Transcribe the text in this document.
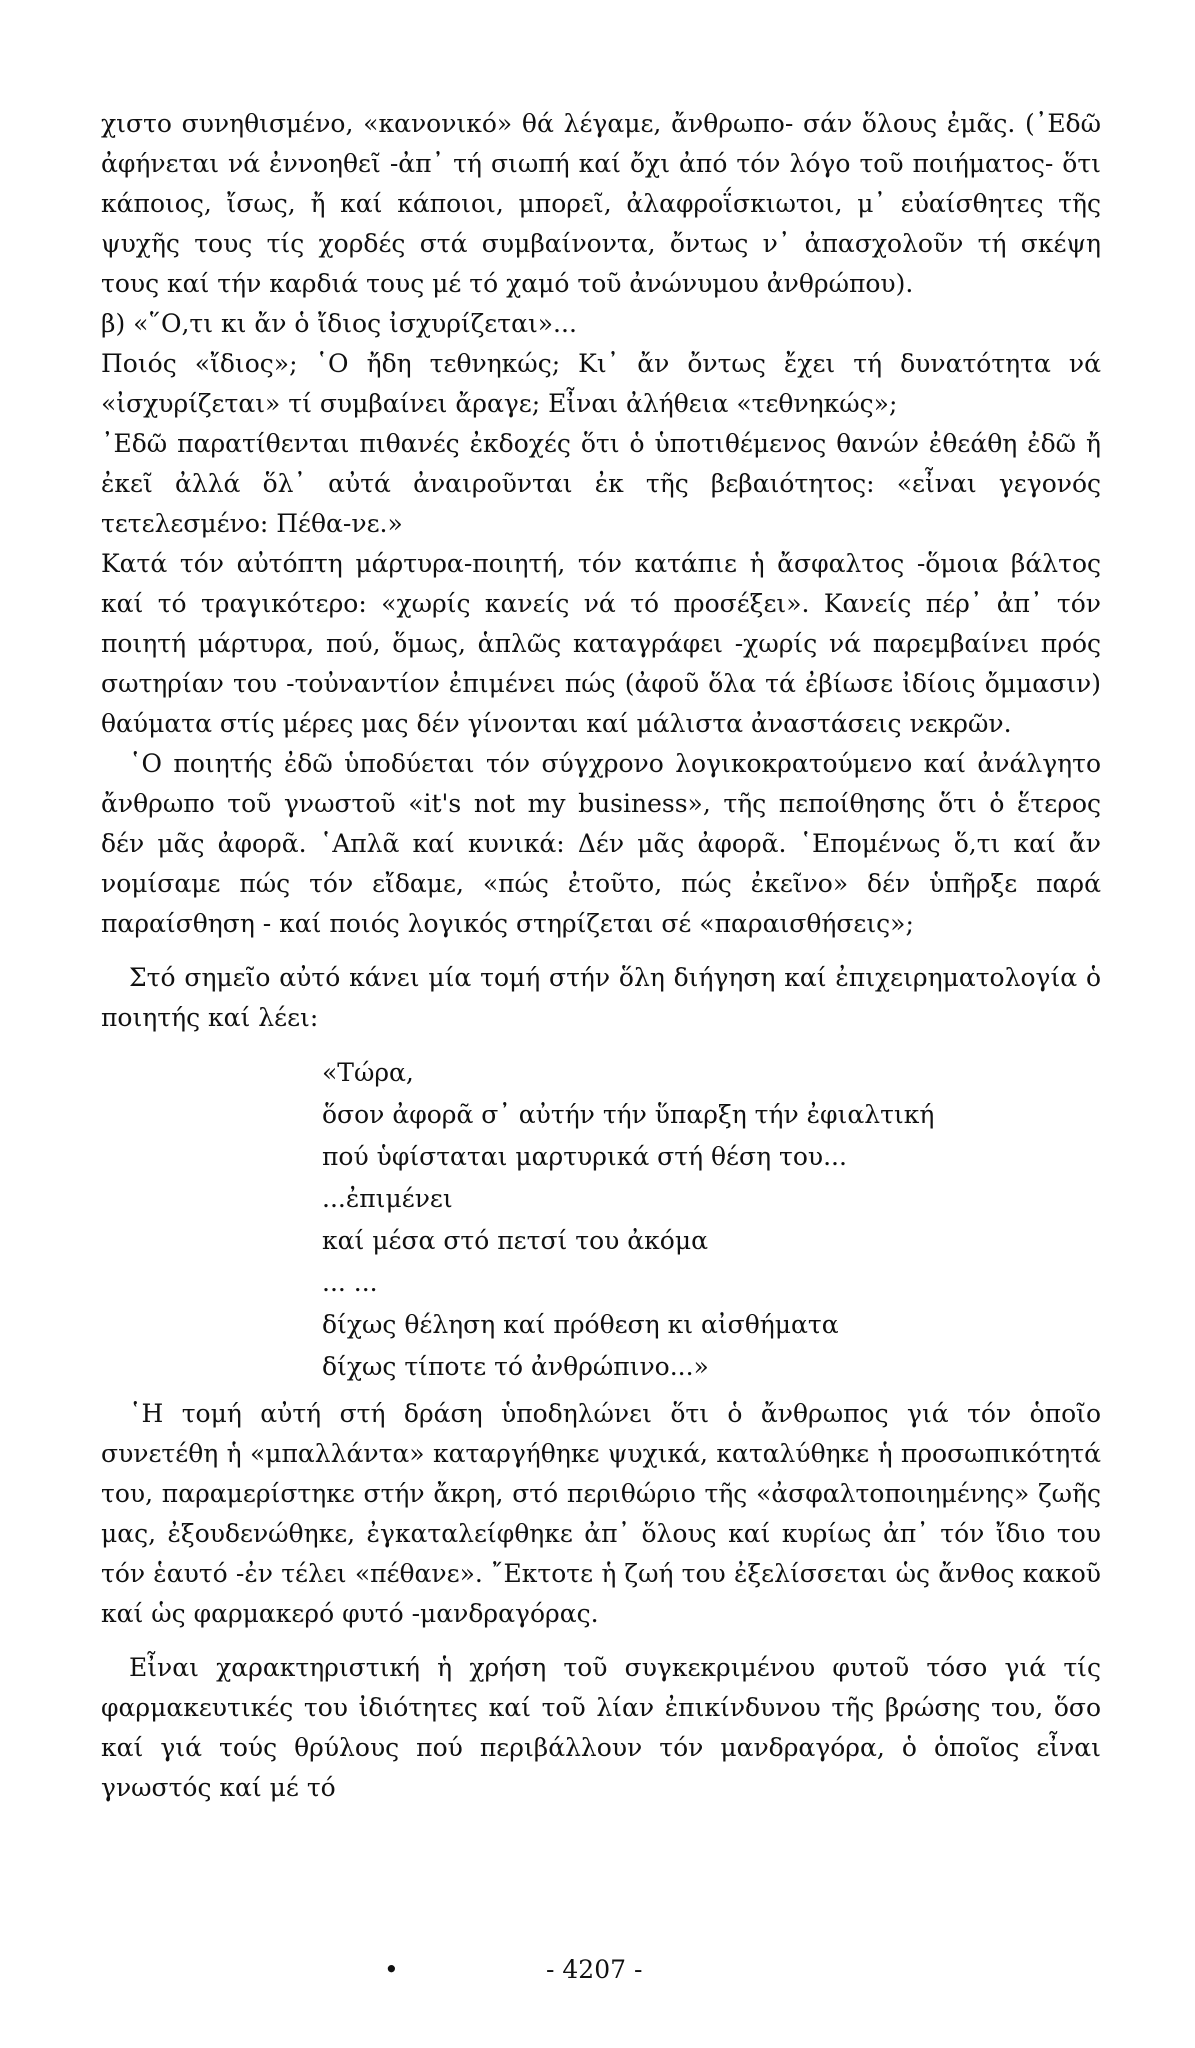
χιστο συνηθισμένο, «κανονικό» θά λέγαμε, ἄνθρωπο- σάν ὅλους ἐμᾶς. (᾽Εδῶ ἀφήνεται νά ἐννοηθεῖ -ἀπ᾽ τή σιωπή καί ὄχι ἀπό τόν λόγο τοῦ ποιήματος- ὅτι κάποιος, ἴσως, ἤ καί κάποιοι, μπορεῖ, ἀλαφροΐσκιωτοι, μ᾽ εὐαίσθητες τῆς ψυχῆς τους τίς χορδές στά συμβαίνοντα, ὄντως ν᾽ ἀπασχολοῦν τή σκέψη τους καί τήν καρδιά τους μέ τό χαμό τοῦ ἀνώνυμου ἀνθρώπου).

β) «῞Ο,τι κι ἄν ὁ ἴδιος ἰσχυρίζεται»...

Ποιός «ἴδιος»; ῾Ο ἤδη τεθνηκώς; Κι᾽ ἄν ὄντως ἔχει τή δυνατότητα νά «ἰσχυρίζεται» τί συμβαίνει ἄραγε; Εἶναι ἀλήθεια «τεθνηκώς»;

᾽Εδῶ παρατίθενται πιθανές ἐκδοχές ὅτι ὁ ὑποτιθέμενος θανών ἐθεάθη ἐδῶ ἤ ἐκεῖ ἀλλά ὅλ᾽ αὐτά ἀναιροῦνται ἐκ τῆς βεβαιότητος: «εἶναι γεγονός τετελεσμένο: Πέθα-νε.»

Κατά τόν αὐτόπτη μάρτυρα-ποιητή, τόν κατάπιε ἡ ἄσφαλτος -ὅμοια βάλτος καί τό τραγικότερο: «χωρίς κανείς νά τό προσέξει». Κανείς πέρ᾽ ἀπ᾽ τόν ποιητή μάρτυρα, πού, ὅμως, ἁπλῶς καταγράφει -χωρίς νά παρεμβαίνει πρός σωτηρίαν του -τοὐναντίον ἐπιμένει πώς (ἀφοῦ ὅλα τά ἐβίωσε ἰδίοις ὄμμασιν) θαύματα στίς μέρες μας δέν γίνονται καί μάλιστα ἀναστάσεις νεκρῶν.

῾Ο ποιητής ἐδῶ ὑποδύεται τόν σύγχρονο λογικοκρατούμενο καί ἀνάλγητο ἄνθρωπο τοῦ γνωστοῦ «it's not my business», τῆς πεποίθησης ὅτι ὁ ἕτερος δέν μᾶς ἀφορᾶ. ῾Απλᾶ καί κυνικά: Δέν μᾶς ἀφορᾶ. ῾Επομένως ὅ,τι καί ἄν νομίσαμε πώς τόν εἴδαμε, «πώς ἐτοῦτο, πώς ἐκεῖνο» δέν ὑπῆρξε παρά παραίσθηση - καί ποιός λογικός στηρίζεται σέ «παραισθήσεις»;

Στό σημεῖο αὐτό κάνει μία τομή στήν ὅλη διήγηση καί ἐπιχειρηματολογία ὁ ποιητής καί λέει:

«Τώρα,
ὅσον ἀφορᾶ σ᾽ αὐτήν τήν ὕπαρξη τήν ἐφιαλτική
πού ὑφίσταται μαρτυρικά στή θέση του...
...ἐπιμένει
καί μέσα στό πετσί του ἀκόμα
... ...
δίχως θέληση καί πρόθεση κι αἰσθήματα
δίχως τίποτε τό ἀνθρώπινο...»

῾Η τομή αὐτή στή δράση ὑποδηλώνει ὅτι ὁ ἄνθρωπος γιά τόν ὁποῖο συνετέθη ἡ «μπαλλάντα» καταργήθηκε ψυχικά, καταλύθηκε ἡ προσωπικότητά του, παραμερίστηκε στήν ἄκρη, στό περιθώριο τῆς «ἀσφαλτοποιημένης» ζωῆς μας, ἐξουδενώθηκε, ἐγκαταλείφθηκε ἀπ᾽ ὅλους καί κυρίως ἀπ᾽ τόν ἴδιο του τόν ἑαυτό -ἐν τέλει «πέθανε». ῎Εκτοτε ἡ ζωή του ἐξελίσσεται ὡς ἄνθος κακοῦ καί ὡς φαρμακερό φυτό -μανδραγόρας.

Εἶναι χαρακτηριστική ἡ χρήση τοῦ συγκεκριμένου φυτοῦ τόσο γιά τίς φαρμακευτικές του ἰδιότητες καί τοῦ λίαν ἐπικίνδυνου τῆς βρώσης του, ὅσο καί γιά τούς θρύλους πού περιβάλλουν τόν μανδραγόρα, ὁ ὁποῖος εἶναι γνωστός καί μέ τό

•	- 4207 -
